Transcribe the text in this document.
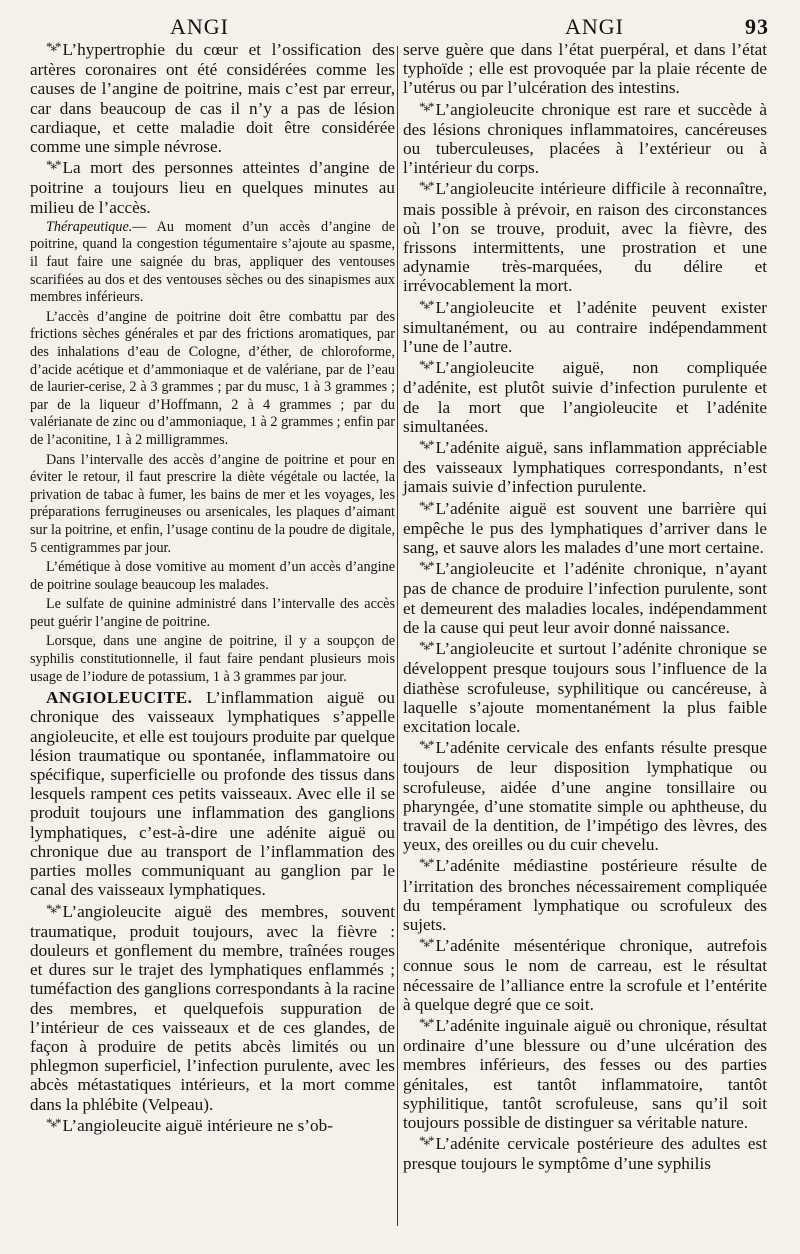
ANGI	ANGI	93

*⁎* L’hypertrophie du cœur et l’ossification des artères coronaires ont été considérées comme les causes de l’angine de poitrine, mais c’est par erreur, car dans beaucoup de cas il n’y a pas de lésion cardiaque, et cette maladie doit être considérée comme une simple névrose.

*⁎* La mort des personnes atteintes d’angine de poitrine a toujours lieu en quelques minutes au milieu de l’accès.

Thérapeutique.— Au moment d’un accès d’angine de poitrine, quand la congestion tégumentaire s’ajoute au spasme, il faut faire une saignée du bras, appliquer des ventouses scarifiées au dos et des ventouses sèches ou des sinapismes aux membres inférieurs.

L’accès d’angine de poitrine doit être combattu par des frictions sèches générales et par des frictions aromatiques, par des inhalations d’eau de Cologne, d’éther, de chloroforme, d’acide acétique et d’ammoniaque et de valériane, par de l’eau de laurier-cerise, 2 à 3 grammes ; par du musc, 1 à 3 grammes ; par de la liqueur d’Hoffmann, 2 à 4 grammes ; par du valérianate de zinc ou d’ammoniaque, 1 à 2 grammes ; enfin par de l’aconitine, 1 à 2 milligrammes.

Dans l’intervalle des accès d’angine de poitrine et pour en éviter le retour, il faut prescrire la diète végétale ou lactée, la privation de tabac à fumer, les bains de mer et les voyages, les préparations ferrugineuses ou arsenicales, les plaques d’aimant sur la poitrine, et enfin, l’usage continu de la poudre de digitale, 5 centigrammes par jour.

L’émétique à dose vomitive au moment d’un accès d’angine de poitrine soulage beaucoup les malades.

Le sulfate de quinine administré dans l’intervalle des accès peut guérir l’angine de poitrine.

Lorsque, dans une angine de poitrine, il y a soupçon de syphilis constitutionnelle, il faut faire pendant plusieurs mois usage de l’iodure de potassium, 1 à 3 grammes par jour.

ANGIOLEUCITE. L’inflammation aiguë ou chronique des vaisseaux lymphatiques s’appelle angioleucite, et elle est toujours produite par quelque lésion traumatique ou spontanée, inflammatoire ou spécifique, superficielle ou profonde des tissus dans lesquels rampent ces petits vaisseaux. Avec elle il se produit toujours une inflammation des ganglions lymphatiques, c’est-à-dire une adénite aiguë ou chronique due au transport de l’inflammation des parties molles communiquant au ganglion par le canal des vaisseaux lymphatiques.

*⁎* L’angioleucite aiguë des membres, souvent traumatique, produit toujours, avec la fièvre : douleurs et gonflement du membre, traînées rouges et dures sur le trajet des lymphatiques enflammés ; tuméfaction des ganglions correspondants à la racine des membres, et quelquefois suppuration de l’intérieur de ces vaisseaux et de ces glandes, de façon à produire de petits abcès limités ou un phlegmon superficiel, l’infection purulente, avec les abcès métastatiques intérieurs, et la mort comme dans la phlébite (Velpeau).

*⁎* L’angioleucite aiguë intérieure ne s’ob-

serve guère que dans l’état puerpéral, et dans l’état typhoïde ; elle est provoquée par la plaie récente de l’utérus ou par l’ulcération des intestins.

*⁎* L’angioleucite chronique est rare et succède à des lésions chroniques inflammatoires, cancéreuses ou tuberculeuses, placées à l’extérieur ou à l’intérieur du corps.

*⁎* L’angioleucite intérieure difficile à reconnaître, mais possible à prévoir, en raison des circonstances où l’on se trouve, produit, avec la fièvre, des frissons intermittents, une prostration et une adynamie très-marquées, du délire et irrévocablement la mort.

*⁎* L’angioleucite et l’adénite peuvent exister simultanément, ou au contraire indépendamment l’une de l’autre.

*⁎* L’angioleucite aiguë, non compliquée d’adénite, est plutôt suivie d’infection purulente et de la mort que l’angioleucite et l’adénite simultanées.

*⁎* L’adénite aiguë, sans inflammation appréciable des vaisseaux lymphatiques correspondants, n’est jamais suivie d’infection purulente.

*⁎* L’adénite aiguë est souvent une barrière qui empêche le pus des lymphatiques d’arriver dans le sang, et sauve alors les malades d’une mort certaine.

*⁎* L’angioleucite et l’adénite chronique, n’ayant pas de chance de produire l’infection purulente, sont et demeurent des maladies locales, indépendamment de la cause qui peut leur avoir donné naissance.

*⁎* L’angioleucite et surtout l’adénite chronique se développent presque toujours sous l’influence de la diathèse scrofuleuse, syphilitique ou cancéreuse, à laquelle s’ajoute momentanément la plus faible excitation locale.

*⁎* L’adénite cervicale des enfants résulte presque toujours de leur disposition lymphatique ou scrofuleuse, aidée d’une angine tonsillaire ou pharyngée, d’une stomatite simple ou aphtheuse, du travail de la dentition, de l’impétigo des lèvres, des yeux, des oreilles ou du cuir chevelu.

*⁎* L’adénite médiastine postérieure résulte de l’irritation des bronches nécessairement compliquée du tempérament lymphatique ou scrofuleux des sujets.

*⁎* L’adénite mésentérique chronique, autrefois connue sous le nom de carreau, est le résultat nécessaire de l’alliance entre la scrofule et l’entérite à quelque degré que ce soit.

*⁎* L’adénite inguinale aiguë ou chronique, résultat ordinaire d’une blessure ou d’une ulcération des membres inférieurs, des fesses ou des parties génitales, est tantôt inflammatoire, tantôt syphilitique, tantôt scrofuleuse, sans qu’il soit toujours possible de distinguer sa véritable nature.

*⁎* L’adénite cervicale postérieure des adultes est presque toujours le symptôme d’une syphilis
